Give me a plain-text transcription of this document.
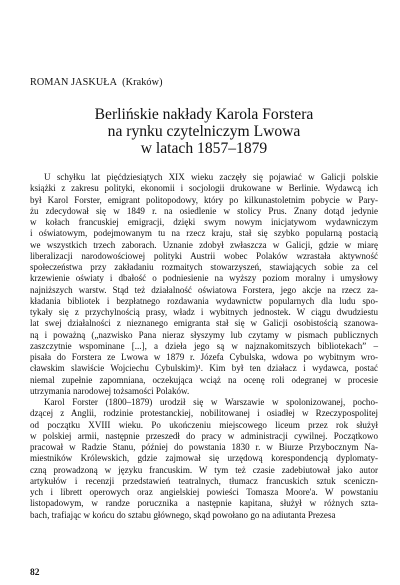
ROMAN JASKUŁA (Kraków)
Berlińskie nakłady Karola Forstera
na rynku czytelniczym Lwowa
w latach 1857–1879
U schyłku lat pięćdziesiątych XIX wieku zaczęły się pojawiać w Galicji polskie
książki z zakresu polityki, ekonomii i socjologii drukowane w Berlinie. Wydawcą ich
był Karol Forster, emigrant politopodowy, który po kilkunastoletnim pobycie w Pary-
żu zdecydował się w 1849 r. na osiedlenie w stolicy Prus. Znany dotąd jedynie
w kołach francuskiej emigracji, dzięki swym nowym inicjatywom wydawniczym
i oświatowym, podejmowanym tu na rzecz kraju, stał się szybko popularną postacią
we wszystkich trzech zaborach. Uznanie zdobył zwłaszcza w Galicji, gdzie w miarę
liberalizacji narodowościowej polityki Austrii wobec Polaków wzrastała aktywność
społeczeństwa przy zakładaniu rozmaitych stowarzyszeń, stawiających sobie za cel
krzewienie oświaty i dbałość o podniesienie na wyższy poziom moralny i umysłowy
najniższych warstw. Stąd też działalność oświatowa Forstera, jego akcje na rzecz za-
kładania bibliotek i bezpłatnego rozdawania wydawnictw popularnych dla ludu spo-
tykały się z przychylnością prasy, władz i wybitnych jednostek. W ciągu dwudziestu
lat swej działalności z nieznanego emigranta stał się w Galicji osobistością szanowa-
ną i poważną („nazwisko Pana nieraz słyszymy lub czytamy w pismach publicznych
zaszczytnie wspominane [...], a dzieła jego są w najznakomitszych bibliotekach” –
pisała do Forstera ze Lwowa w 1879 r. Józefa Cybulska, wdowa po wybitnym wro-
cławskim slawiście Wojciechu Cybulskim)¹. Kim był ten działacz i wydawca, postać
niemal zupełnie zapomniana, oczekująca wciąż na ocenę roli odegranej w procesie
utrzymania narodowej tożsamości Polaków.
Karol Forster (1800–1879) urodził się w Warszawie w spolonizowanej, pocho-
dzącej z Anglii, rodzinie protestanckiej, nobilitowanej i osiadłej w Rzeczypospolitej
od początku XVIII wieku. Po ukończeniu miejscowego liceum przez rok służył
w polskiej armii, następnie przeszedł do pracy w administracji cywilnej. Początkowo
pracował w Radzie Stanu, później do powstania 1830 r. w Biurze Przybocznym Na-
miestników Królewskich, gdzie zajmował się urzędową korespondencją dyplomaty-
czną prowadzoną w języku francuskim. W tym też czasie zadebiutował jako autor
artykułów i recenzji przedstawień teatralnych, tłumacz francuskich sztuk sceniczn-
ych i librett operowych oraz angielskiej powieści Tomasza Moore'a. W powstaniu
listopadowym, w randze porucznika a następnie kapitana, służył w różnych szta-
bach, trafiając w końcu do sztabu głównego, skąd powołano go na adiutanta Prezesa
82
